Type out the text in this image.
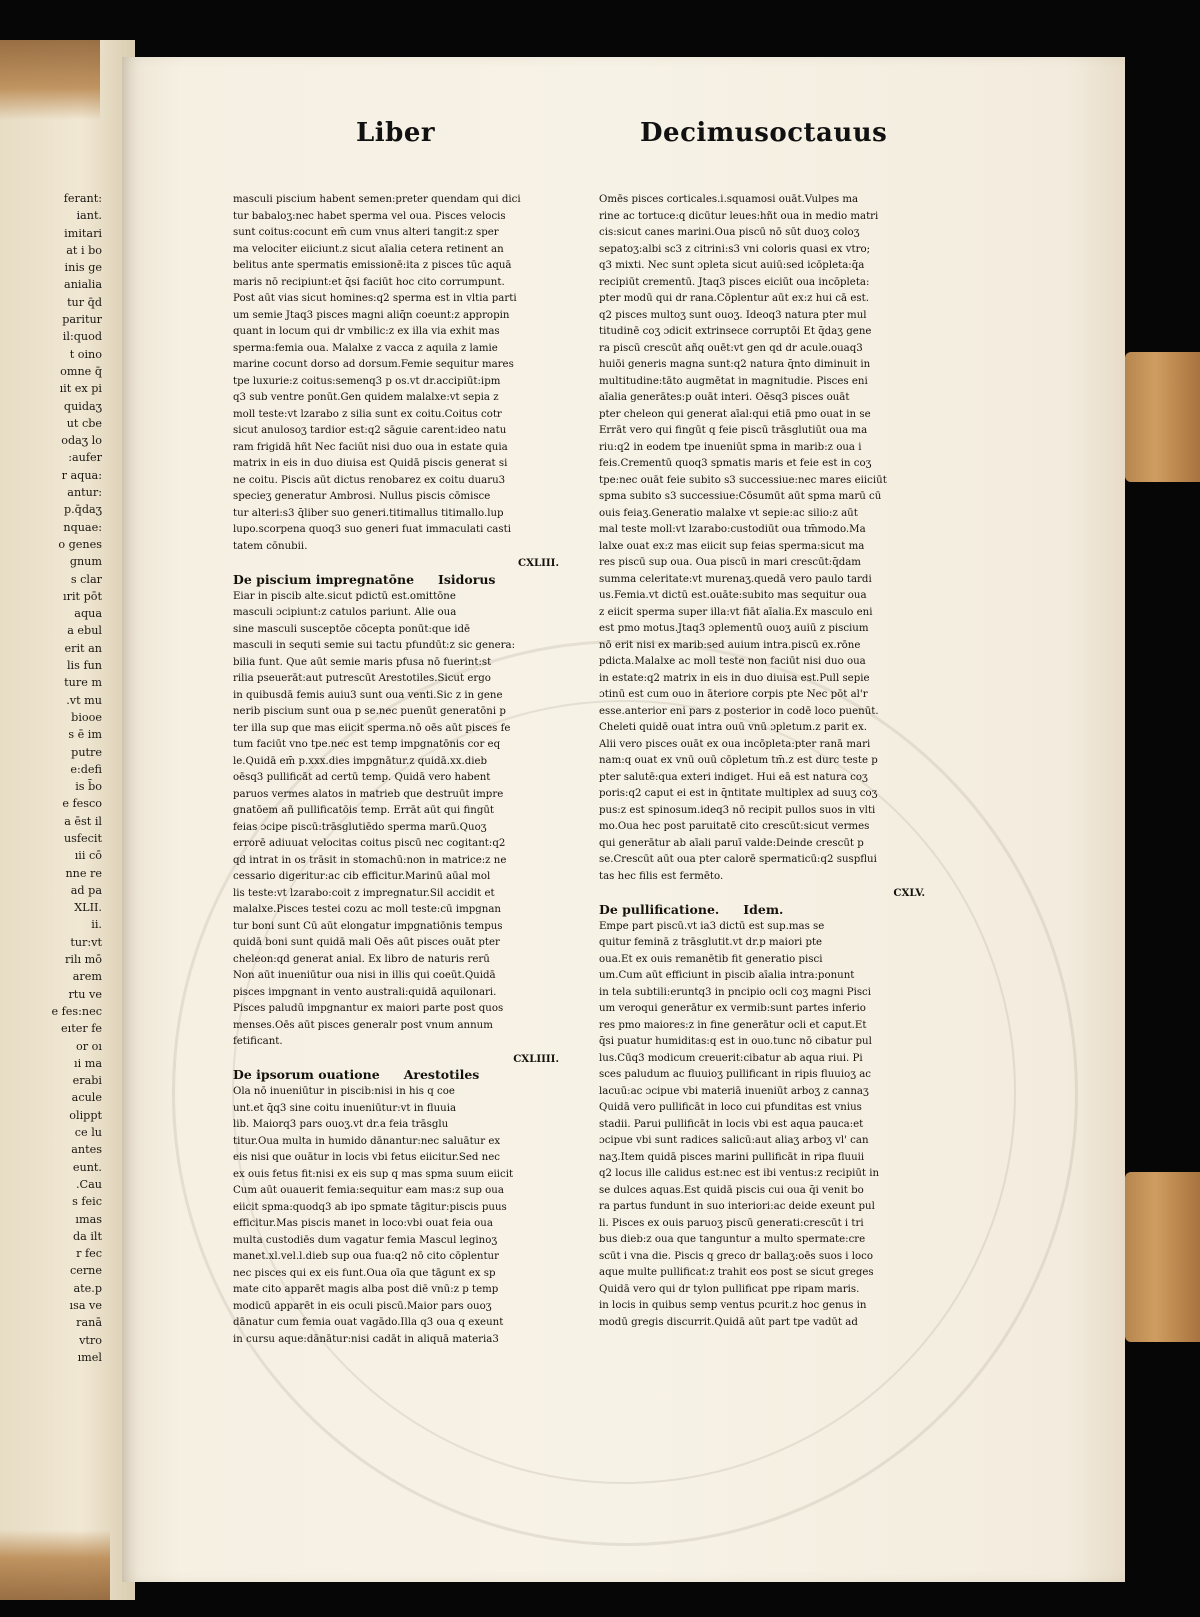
ferant:
iant.
imitari
at i bo
inis ge
anialia
tur q̄d
paritur
il:quod
t oino
omne q̄
ıit ex pi
quidaʒ
ut cbe
odaʒ lo
:aufer
r aqua:
antur:
p.q̄daʒ
nquae:
o genes
gnum
s clar
ırit pōt
aqua
a ebul
erit an
lis fun
ture m
.vt mu
biooe
s ē im
putre
e:defi
is b̄o
e fesco
a ēst il
usfecit
ıii cō
nne re
ad pa
XLII.
ii.
tur:vt
rilı mō
arem
rtu ve
e fes:nec
eıter fe
or oı
ıi ma
erabi
acule
olippt
ce lu
antes
eunt.
.Cau
s feic
ımas
da ilt
r fec
cerne
ate.p
ısa ve
ranā
vtro
ımel
Liber	Decimusoctauus
masculi piscium habent semen:preter quendam qui dici
tur babaloʒ:nec habet sperma vel oua. Pisces velocis
sunt coitus:cocunt em̄ cum vnus alteri tangit:z sper
ma velociter eiiciunt.z sicut aīalia cetera retinent an
belitus ante spermatis emissionē:ita z pisces tūc aquā
maris nō recipiunt:et q̄si faciūt hoc cito corrumpunt.
Post aūt vias sicut homines:q2 sperma est in vltia parti
um semie Jtaq3 pisces magni aliq̄n coeunt:z appropin
quant in locum qui dr vmbilic:z ex illa via exhit mas
sperma:femia oua. Malalxe z vacca z aquila z lamie
marine cocunt dorso ad dorsum.Femie sequitur mares
tpe luxurie:z coitus:semenq3 p os.vt dr.accipiūt:ipm
q3 sub ventre ponūt.Gen quidem malalxe:vt sepia z
moll teste:vt lzarabo z silia sunt ex coitu.Coitus cotr
sicut anulosoʒ tardior est:q2 sāguie carent:ideo natu
ram frigidā hñt Nec faciūt nisi duo oua in estate quia
matrix in eis in duo diuisa est Quidā piscis generat si
ne coitu. Piscis aūt dictus renobarez ex coitu duaru3
specieʒ generatur Ambrosi. Nullus piscis cōmisce
tur alteri:s3 q̄liber suo generi.titimallus titimallo.lup
lupo.scorpena quoq3 suo generi fuat immaculati casti
tatem cōnubii.
CXLIII.
De piscium impregnatōne Isidorus
Eiar in piscib alte.sicut pdictū est.omittōne
masculi ɔcipiunt:z catulos pariunt. Alie oua
sine masculi susceptōe cōcepta ponūt:que idē
masculi in sequti semie sui tactu pfundūt:z sic genera:
bilia funt. Que aūt semie maris pfusa nō fuerint:st
rilia pseuerāt:aut putrescūt Arestotiles.Sicut ergo
in quibusdā femis auiu3 sunt oua venti.Sic z in gene
nerib piscium sunt oua p se.nec puenūt generatōni p
ter illa sup que mas eiicit sperma.nō oēs aūt pisces fe
tum faciūt vno tpe.nec est temp impgnatōnis cor eq
le.Quidā em̄ p.xxx.dies impgnātur.z quidā.xx.dieb
oēsq3 pullificāt ad certū temp. Quidā vero habent
paruos vermes alatos in matrieb que destruūt impre
gnatōem añ pullificatōis temp. Errāt aūt qui fingūt
feias ɔcipe piscū:trāsglutiēdo sperma marū.Quoʒ
errorē adiuuat velocitas coitus piscū nec cogitant:q2
qd intrat in os trāsit in stomachū:non in matrice:z ne
cessario digeritur:ac cib efficitur.Marinū aūal mol
lis teste:vt lzarabo:coit z impregnatur.Sil accidit et
malalxe.Pisces testei cozu ac moll teste:cū impgnan
tur boni sunt Cū aūt elongatur impgnatiōnis tempus
quidā boni sunt quidā mali Oēs aūt pisces ouāt pter
cheleon:qd generat anial. Ex libro de naturis rerū
Non aūt inueniūtur oua nisi in illis qui coeūt.Quidā
pisces impgnant in vento australi:quidā aquilonari.
Pisces paludū impgnantur ex maiori parte post quos
menses.Oēs aūt pisces generalr post vnum annum
fetificant.
CXLIIII.
De ipsorum ouatione Arestotiles
Ola nō inueniūtur in piscib:nisi in his q coe
unt.et q̄q3 sine coitu inueniūtur:vt in fluuia
lib. Maiorq3 pars ouoʒ.vt dr.a feia trāsglu
titur.Oua multa in humido dānantur:nec saluātur ex
eis nisi que ouātur in locis vbi fetus eiicitur.Sed nec
ex ouis fetus fit:nisi ex eis sup q mas spma suum eiicit
Cum aūt ouauerit femia:sequitur eam mas:z sup oua
eiicit spma:quodq3 ab ipo spmate tāgitur:piscis puus
efficitur.Mas piscis manet in loco:vbi ouat feia oua
multa custodiēs dum vagatur femia Mascul leginoʒ
manet.xl.vel.l.dieb sup oua fua:q2 nō cito cōplentur
nec pisces qui ex eis funt.Oua oīa que tāgunt ex sp
mate cito apparēt magis alba post diē vnū:z p temp
modicū apparēt in eis oculi piscū.Maior pars ouoʒ
dānatur cum femia ouat vagādo.Illa q3 oua q exeunt
in cursu aque:dānātur:nisi cadāt in aliquā materia3
Omēs pisces corticales.i.squamosi ouāt.Vulpes ma
rine ac tortuce:q dicūtur leues:hñt oua in medio matri
cis:sicut canes marini.Oua piscū nō sūt duoʒ coloʒ
sepatoʒ:albi sc3 z citrini:s3 vni coloris quasi ex vtro;
q3 mixti. Nec sunt ɔpleta sicut auiū:sed icōpleta:q̄a
recipiūt crementū. Jtaq3 pisces eiciūt oua incōpleta:
pter modū qui dr rana.Cōplentur aūt ex:z hui cā est.
q2 pisces multoʒ sunt ouoʒ. Ideoq3 natura pter mul
titudinē coʒ ɔdicit extrinsece corruptōi Et q̄daʒ gene
ra piscū crescūt añq ouēt:vt gen qd dr acule.ouaq3
huiōi generis magna sunt:q2 natura q̄nto diminuit in
multitudine:tāto augmētat in magnitudie. Pisces eni
aīalia generātes:p ouāt interi. Oēsq3 pisces ouāt
pter cheleon qui generat aīal:qui etiā pmo ouat in se
Errāt vero qui fingūt q feie piscū trāsglutiūt oua ma
riu:q2 in eodem tpe inueniūt spma in marib:z oua i
feis.Crementū quoq3 spmatis maris et feie est in coʒ
tpe:nec ouāt feie subito s3 successiue:nec mares eiiciūt
spma subito s3 successiue:Cōsumūt aūt spma marū cū
ouis feiaʒ.Generatio malalxe vt sepie:ac silio:z aūt
mal teste moll:vt lzarabo:custodiūt oua tm̄modo.Ma
lalxe ouat ex:z mas eiicit sup feias sperma:sicut ma
res piscū sup oua. Oua piscū in mari crescūt:q̄dam
summa celeritate:vt murenaʒ.quedā vero paulo tardi
us.Femia.vt dictū est.ouāte:subito mas sequitur oua
z eiicit sperma super illa:vt fiāt aīalia.Ex masculo eni
est pmo motus.Jtaq3 ɔplementū ouoʒ auiū z piscium
nō erit nisi ex marib:sed auium intra.piscū ex.rōne
pdicta.Malalxe ac moll teste non faciūt nisi duo oua
in estate:q2 matrix in eis in duo diuisa est.Pull sepie
ɔtinū est cum ouo in āteriore corpis pte Nec pōt al'r
esse.anterior eni pars z posterior in codē loco puenūt.
Cheleti quidē ouat intra ouū vnū ɔpletum.z parit ex.
Alii vero pisces ouāt ex oua incōpleta:pter ranā mari
nam:q ouat ex vnū ouū cōpletum tm̄.z est durc teste p
pter salutē:qua exteri indiget. Hui eā est natura coʒ
poris:q2 caput ei est in q̄ntitate multiplex ad suuʒ coʒ
pus:z est spinosum.ideq3 nō recipit pullos suos in vlti
mo.Oua hec post paruitatē cito crescūt:sicut vermes
qui generātur ab aīali paruī valde:Deinde crescūt p
se.Crescūt aūt oua pter calorē spermaticū:q2 suspflui
tas hec filis est fermēto.
CXLV.
De pullificatione. Idem.
Empe part piscū.vt ia3 dictū est sup.mas se
quitur feminā z trāsglutit.vt dr.p maiori pte
oua.Et ex ouis remanētib fit generatio pisci
um.Cum aūt efficiunt in piscib aīalia intra:ponunt
in tela subtili:eruntq3 in pncipio ocli coʒ magni Pisci
um veroqui generātur ex vermib:sunt partes inferio
res pmo maiores:z in fine generātur ocli et caput.Et
q̄si puatur humiditas:q est in ouo.tunc nō cibatur pul
lus.Cūq3 modicum creuerit:cibatur ab aqua riui. Pi
sces paludum ac fluuioʒ pullificant in ripis fluuioʒ ac
lacuū:ac ɔcipue vbi materiā inueniūt arboʒ z cannaʒ
Quidā vero pullificāt in loco cui pfunditas est vnius
stadii. Parui pullificāt in locis vbi est aqua pauca:et
ɔcipue vbi sunt radices salicū:aut aliaʒ arboʒ vl' can
naʒ.Item quidā pisces marini pullificāt in ripa fluuii
q2 locus ille calidus est:nec est ibi ventus:z recipiūt in
se dulces aquas.Est quidā piscis cui oua q̄i venit bo
ra partus fundunt in suo interiori:ac deide exeunt pul
li. Pisces ex ouis paruoʒ piscū generati:crescūt i tri
bus dieb:z oua que tanguntur a multo spermate:cre
scūt i vna die. Piscis q greco dr ballaʒ:oēs suos i loco
aque multe pullificat:z trahit eos post se sicut greges
Quidā vero qui dr tylon pullificat ppe ripam maris.
in locis in quibus semp ventus pcurit.z hoc genus in
modū gregis discurrit.Quidā aūt part tpe vadūt ad
